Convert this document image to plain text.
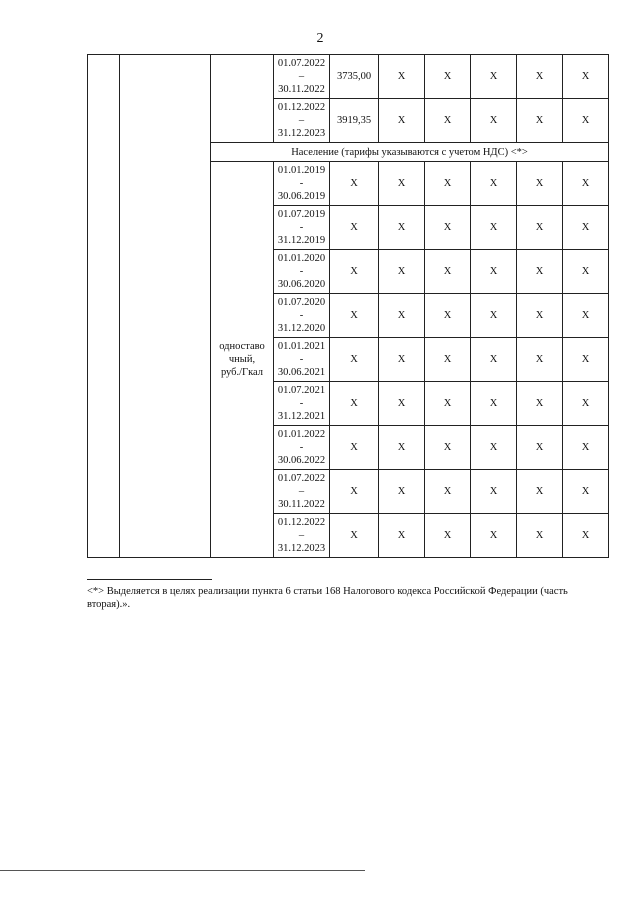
2

			01.07.2022
–
30.11.2022	3735,00	X	X	X	X	X

			01.12.2022
–
31.12.2023	3919,35	X	X	X	X	X
		Население (тарифы указываются с учетом НДС) <*>							

		одноставо
чный,
руб./Гкал	01.01.2019
-
30.06.2019	X	X	X	X	X	X

			01.07.2019
-
31.12.2019	X	X	X	X	X	X

			01.01.2020
-
30.06.2020	X	X	X	X	X	X

			01.07.2020
-
31.12.2020	X	X	X	X	X	X

			01.01.2021
-
30.06.2021	X	X	X	X	X	X

			01.07.2021
-
31.12.2021	X	X	X	X	X	X

			01.01.2022
-
30.06.2022	X	X	X	X	X	X

			01.07.2022
–
30.11.2022	X	X	X	X	X	X

			01.12.2022
–
31.12.2023	X	X	X	X	X	X
<*> Выделяется в целях реализации пункта 6 статьи 168 Налогового кодекса Российской Федерации (часть вторая).».
